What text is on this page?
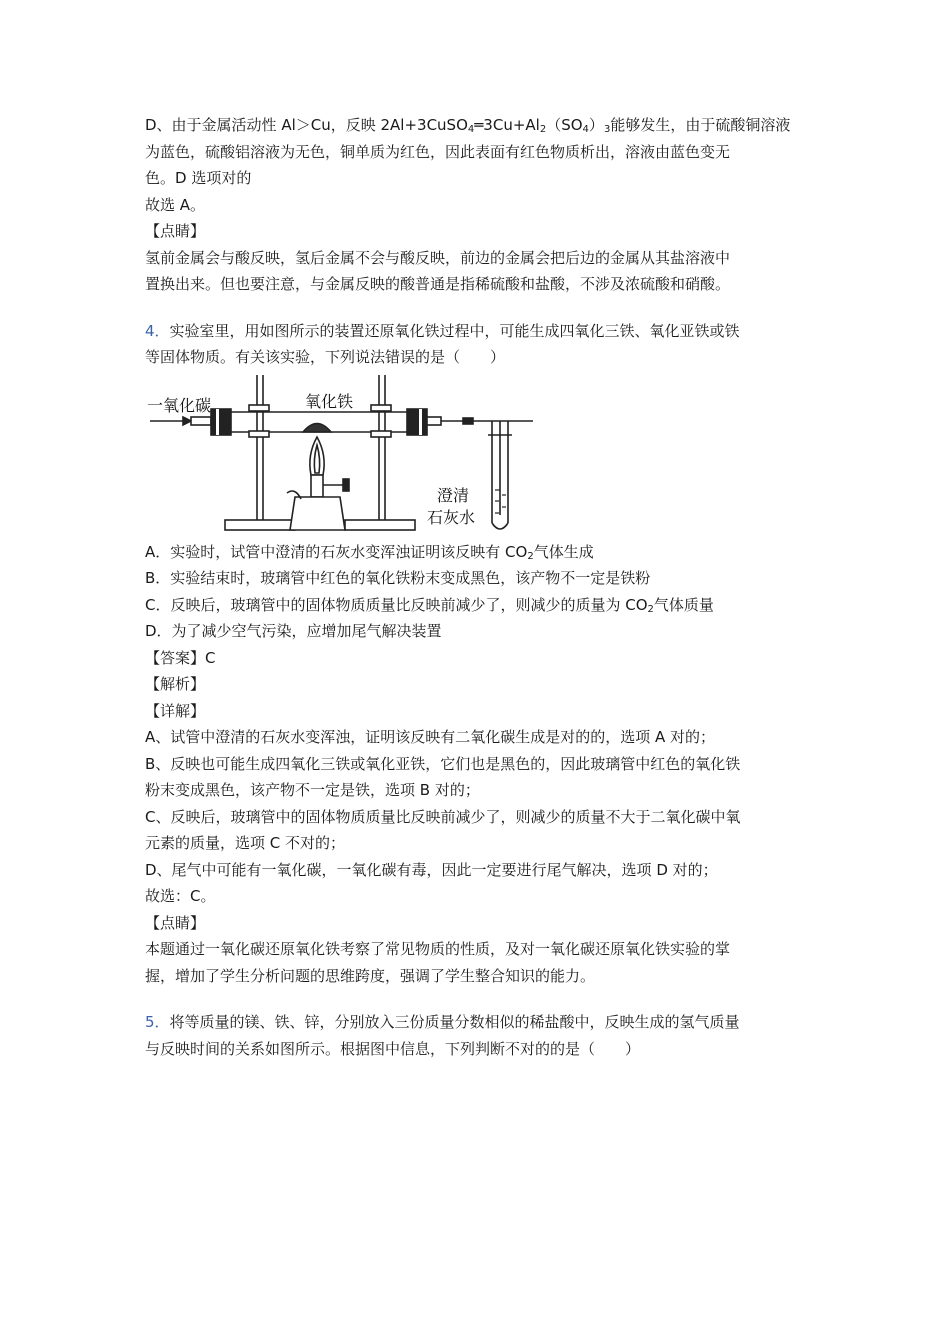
D、由于金属活动性 Al＞Cu，反映 $2Al+3CuSO_4═3Cu+Al_2(SO_4)_3$能够发生，由于硫酸铜溶液
为蓝色，硫酸铝溶液为无色，铜单质为红色，因此表面有红色物质析出，溶液由蓝色变无
色。D 选项对的
故选 A。
【点睛】
氢前金属会与酸反映，氢后金属不会与酸反映，前边的金属会把后边的金属从其盐溶液中
置换出来。但也要注意，与金属反映的酸普通是指稀硫酸和盐酸，不涉及浓硫酸和硝酸。
4．实验室里，用如图所示的装置还原氧化铁过程中，可能生成四氧化三铁、氧化亚铁或铁
等固体物质。有关该实验，下列说法错误的是（　　）
一氧化碳	氧化铁
澄清
石灰水
A．实验时，试管中澄清的石灰水变浑浊证明该反映有 $CO_2$气体生成
B．实验结束时，玻璃管中红色的氧化铁粉末变成黑色，该产物不一定是铁粉
C．反映后，玻璃管中的固体物质质量比反映前减少了，则减少的质量为 $CO_2$气体质量
D．为了减少空气污染，应增加尾气解决装置
【答案】C
【解析】
【详解】
A、试管中澄清的石灰水变浑浊，证明该反映有二氧化碳生成是对的的，选项 A 对的；
B、反映也可能生成四氧化三铁或氧化亚铁，它们也是黑色的，因此玻璃管中红色的氧化铁
粉末变成黑色，该产物不一定是铁，选项 B 对的；
C、反映后，玻璃管中的固体物质质量比反映前减少了，则减少的质量不大于二氧化碳中氧
元素的质量，选项 C 不对的；
D、尾气中可能有一氧化碳，一氧化碳有毒，因此一定要进行尾气解决，选项 D 对的；
故选：C。
【点睛】
本题通过一氧化碳还原氧化铁考察了常见物质的性质，及对一氧化碳还原氧化铁实验的掌
握，增加了学生分析问题的思维跨度，强调了学生整合知识的能力。
5．将等质量的镁、铁、锌，分别放入三份质量分数相似的稀盐酸中，反映生成的氢气质量
与反映时间的关系如图所示。根据图中信息，下列判断不对的的是（　　）
